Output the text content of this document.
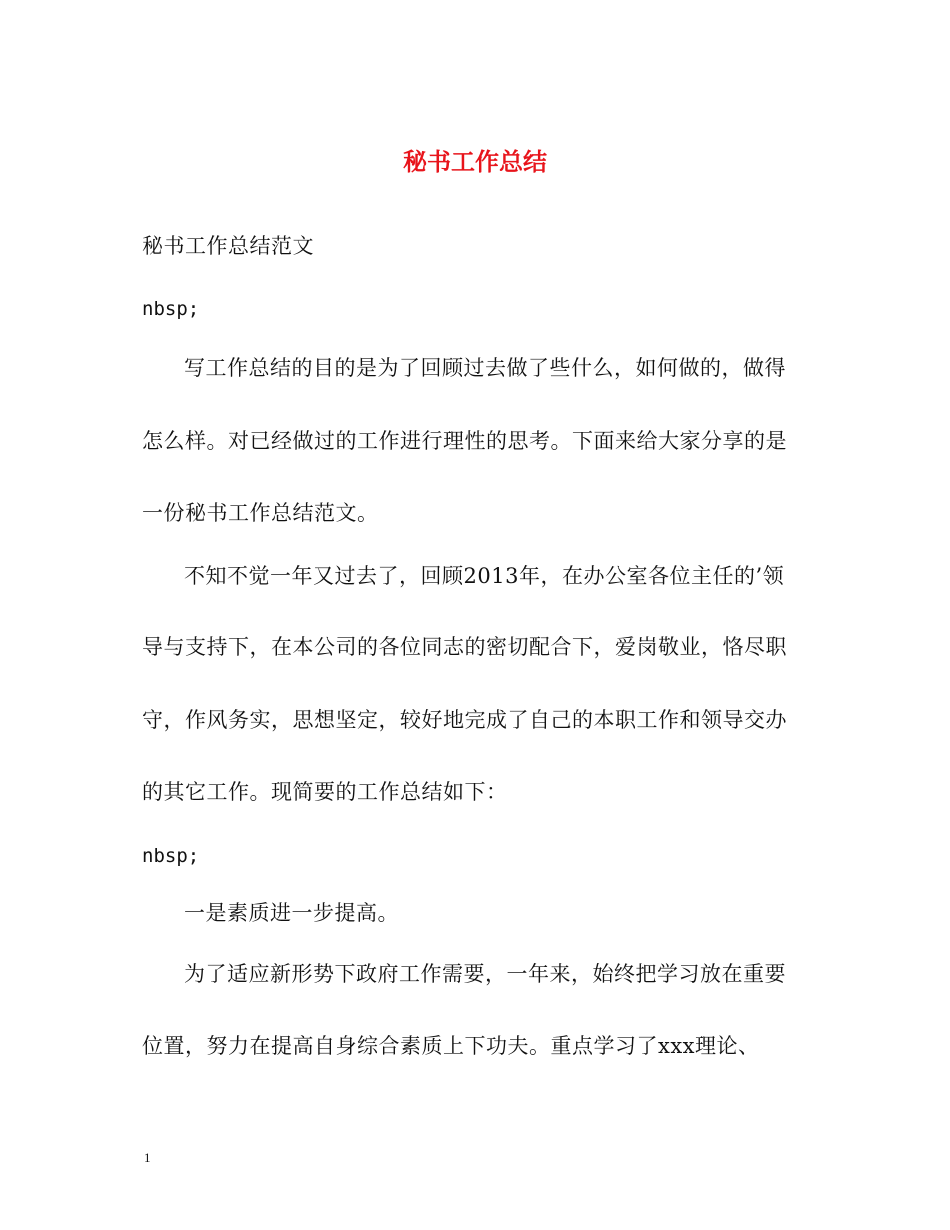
秘书工作总结
秘书工作总结范文
nbsp;
写工作总结的目的是为了回顾过去做了些什么，如何做的，做得
怎么样。对已经做过的工作进行理性的思考。下面来给大家分享的是
一份秘书工作总结范文。
不知不觉一年又过去了，回顾2013年，在办公室各位主任的’领
导与支持下，在本公司的各位同志的密切配合下，爱岗敬业，恪尽职
守，作风务实，思想坚定，较好地完成了自己的本职工作和领导交办
的其它工作。现简要的工作总结如下：
nbsp;
一是素质进一步提高。
为了适应新形势下政府工作需要，一年来，始终把学习放在重要
位置，努力在提高自身综合素质上下功夫。重点学习了xxx理论、
1
